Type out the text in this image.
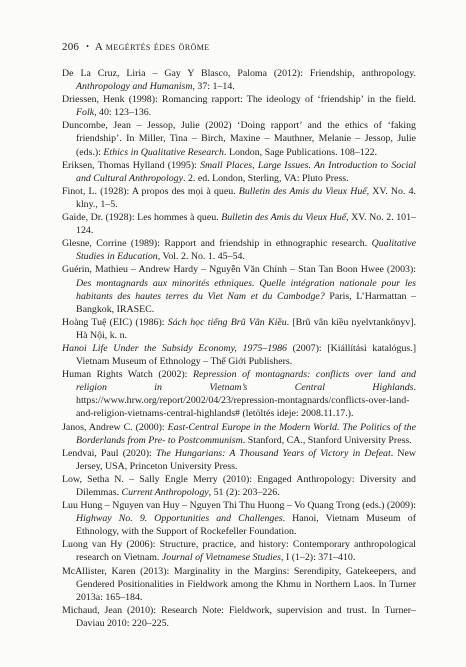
206 • A megértés édes öröme

De La Cruz, Liria – Gay Y Blasco, Paloma (2012): Friendship, anthropology. Anthropology and Humanism, 37: 1–14.

Driessen, Henk (1998): Romancing rapport: The ideology of ‘friendship’ in the field. Folk, 40: 123–136.

Duncombe, Jean – Jessop, Julie (2002) ‘Doing rapport’ and the ethics of ‘faking friendship’. In Miller, Tina – Birch, Maxine – Mauthner, Melanie – Jessop, Julie (eds.): Ethics in Qualitative Research. London, Sage Publications. 108–122.

Eriksen, Thomas Hylland (1995): Small Places, Large Issues. An Introduction to Social and Cultural Anthropology. 2. ed. London, Sterling, VA: Pluto Press.

Finot, L. (1928): A propos des mọi à queu. Bulletin des Amis du Vieux Huế, XV. No. 4. klny., 1–5.

Gaide, Dr. (1928): Les hommes à queu. Bulletin des Amis du Vieux Huế, XV. No. 2. 101–124.

Glesne, Corrine (1989): Rapport and friendship in ethnographic research. Qualitative Studies in Education, Vol. 2. No. 1. 45–54.

Guérin, Mathieu – Andrew Hardy – Nguyễn Văn Chính – Stan Tan Boon Hwee (2003): Des montagnards aux minorités ethniques. Quelle intégration nationale pour les habitants des hautes terres du Viet Nam et du Cambodge? Paris, L’Harmattan – Bangkok, IRASEC.

Hoàng Tuệ (EIC) (1986): Sách học tiếng Brũ Vân Kiều. [Brũ vân kiều nyelvtankönyv]. Hà Nội, k. n.

Hanoi Life Under the Subsidy Economy, 1975–1986 (2007): [Kiállítási katalógus.] Vietnam Museum of Ethnology – Thế Giới Publishers.

Human Rights Watch (2002): Repression of montagnards: conflicts over land and religion in Vietnam’s Central Highlands. https://www.hrw.org/report/2002/04/23/repression-montagnards/conflicts-over-land-and-religion-vietnams-central-highlands# (letöltés ideje: 2008.11.17.).

Janos, Andrew C. (2000): East-Central Europe in the Modern World. The Politics of the Borderlands from Pre- to Postcommunism. Stanford, CA., Stanford University Press.

Lendvai, Paul (2020): The Hungarians: A Thousand Years of Victory in Defeat. New Jersey, USA, Princeton University Press.

Low, Setha N. – Sally Engle Merry (2010): Engaged Anthropology: Diversity and Dilemmas. Current Anthropology, 51 (2): 203–226.

Luu Hung – Nguyen van Huy – Nguyen Thi Thu Huong – Vo Quang Trong (eds.) (2009): Highway No. 9. Opportunities and Challenges. Hanoi, Vietnam Museum of Ethnology, with the Support of Rockefeller Foundation.

Luong van Hy (2006): Structure, practice, and history: Contemporary anthropological research on Vietnam. Journal of Vietnamese Studies, I (1–2): 371–410.

McAllister, Karen (2013): Marginality in the Margins: Serendipity, Gatekeepers, and Gendered Positionalities in Fieldwork among the Khmu in Northern Laos. In Turner 2013a: 165–184.

Michaud, Jean (2010): Research Note: Fieldwork, supervision and trust. In Turner–Daviau 2010: 220–225.
